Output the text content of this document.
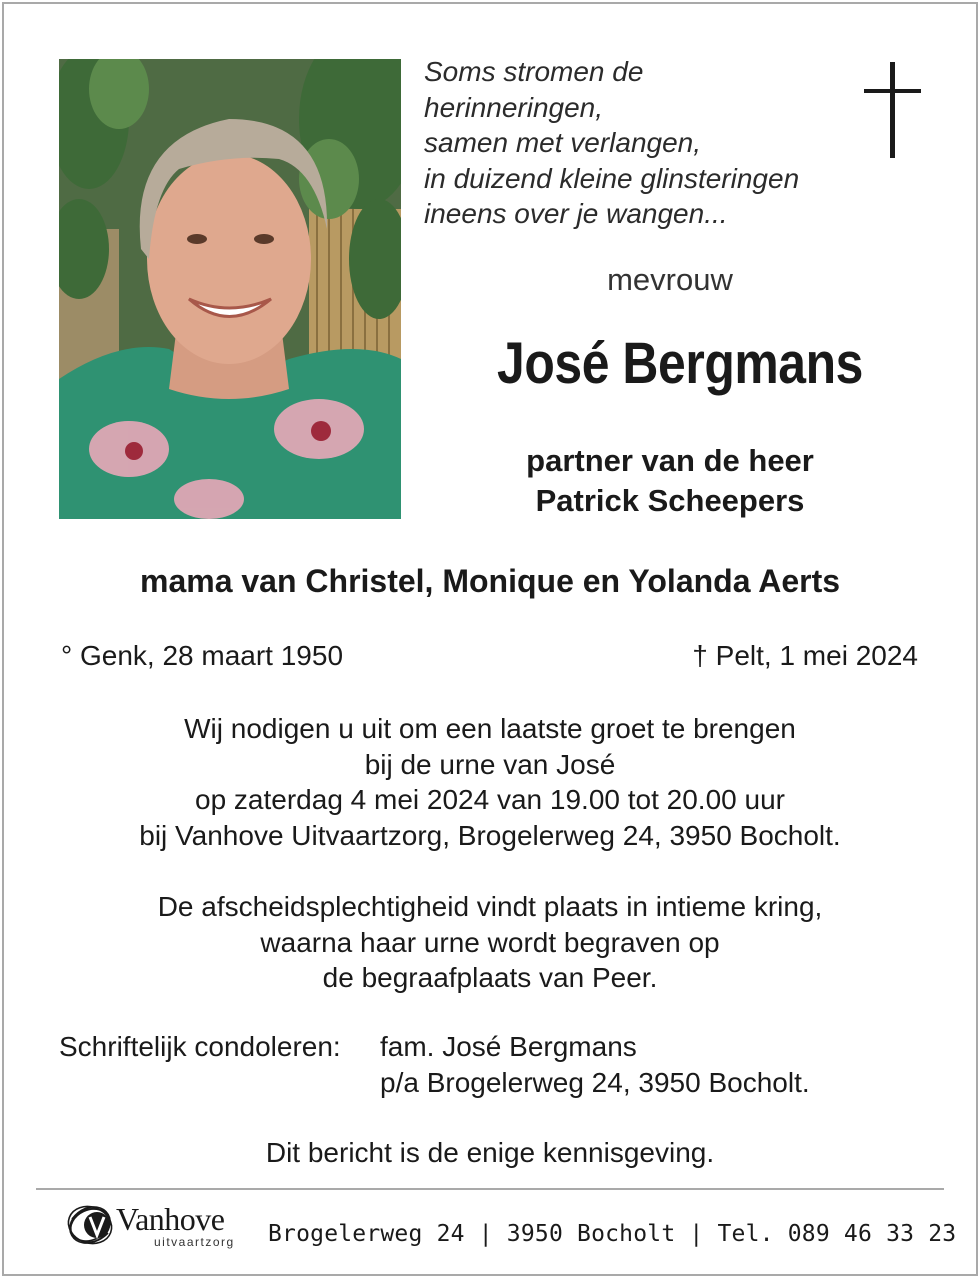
Soms stromen de
herinneringen,
samen met verlangen,
in duizend kleine glinsteringen
ineens over je wangen...
mevrouw
José Bergmans
partner van de heer
Patrick Scheepers
mama van Christel, Monique en Yolanda Aerts
° Genk, 28 maart 1950	† Pelt, 1 mei 2024
Wij nodigen u uit om een laatste groet te brengen
bij de urne van José
op zaterdag 4 mei 2024 van 19.00 tot 20.00 uur
bij Vanhove Uitvaartzorg, Brogelerweg 24, 3950 Bocholt.
De afscheidsplechtigheid vindt plaats in intieme kring,
waarna haar urne wordt begraven op
de begraafplaats van Peer.
Schriftelijk condoleren: fam. José Bergmans
p/a Brogelerweg 24, 3950 Bocholt.
Dit bericht is de enige kennisgeving.
Vanhove
uitvaartzorg Brogelerweg 24 | 3950 Bocholt | Tel. 089 46 33 23
